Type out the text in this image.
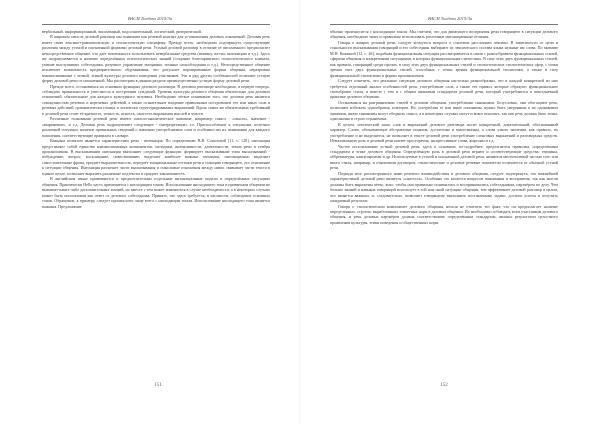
ВАСИ Тилдэзи 2015/3a

вербальный, информационный, письменный, подсознательный, логический, риторический.

В широком смысле деловой разговор мы понимаем как речевой контакт для установления деловых отношений. Деловая речь имеет свою лексико-грамматическую и стилистическую специфику. Прежде всего, необходимо подчеркнуть существующие различия между устной и письменной формами деловой речи. Устный деловой разговор в отличие от письменного предполагает непосредственное общение, что дает возможность использовать невербальные средства (мимику, жесты, интонацию и т.д.). Здесь же подразумевается и наличие определённых психологических знаний (создание благоприятного психологического климата, умение выслушивать собеседника, разумное управление эмоциями, техника самообладания и т.д.). Непосредственное общение исключает возможность предварительного обдумывания, что допускает нормированные формы общения, неразрывно взаимосвязанные с этикой, этикой культуры делового поведения участников. Эти и ряд других особенностей отличают устную форму деловой речи от письменной. Мы рассмотрим в данном разделе преимущественно устную форму деловой речи.

Прежде всего, остановимся на основных функциях делового разговора. В деловом разговоре необходимо, в первую очередь, соблюдать правильность и уместность в построении суждений. Уровень культуры делового общения обязательно для деловых отношений, обязательные для каждого культурного человека. Необходимо чёткое понимание того, что деловая речь является совокупностью речевых и неречевых действий, а также сознательное владение правильным построением тех или иных слов и речевых действий, грамматически точных и логически структурированных выражений. Вдоль самих же обязательных требований к деловой речи стоит её краткость, точность, ясность, сжатость выражения мыслей и чувств.

Различные толкования деловой речи имеют смысло-аналитическое значение, например: смысл - «мысль», значение - «выражение», и т.д. Деловая речь подразумевает следующее - интерпретацию, т.е. Приспособление к ситуациям, полезное различной ситуации, наличие правильных сведений о значении употребляемых слов и особенностях их понимания для каждого поколения, соответствующие правилам в словаре.

Важным аспектом является характеристика речи - интонация. По определению В.В. Соколовой [11, с. 128], интонация представляет собой единство взаимосвязанных компонентов: мелодики, интенсивности, длительности, темпа речи и тембра произношения. В высказывании интонация выполняет следующие функции: формирует высказывание типа высказываний - побуждение, вопрос, восклицание, повествование; выделяет наиболее важные элементы, интонационно выделяет самостоятельные фразы, придаёт выразительность, передаёт эмоциональные оттенки речи и позицию говорящего, его отношение к ситуации общения. Интонация различает части высказывания и смысловые отношения между ними, связывает части текста в единое целое, позволяет выразить различные подтексты и придает законченность.

В английском языке применяются и предпочтительны отдельные интонационные модели в определённых ситуациях общения. Практически Hello часто применяется с нисходящим тоном. Использование нисходящего тона в привычном общении не вызывает каких-либо дополнительных эмоций, но вместе с тем может изменяться в случае необходимости, а в некоторых случаях может быть использован как ответ от делового собеседника. Принято, что здесь требуется, в частности, соблюдение основных тонов. Обращение, к примеру, следует произносить чаще всего с нисходящим тоном. Использование нисходящего тона является важным. Предложение

151
ВАСИ Тилдэзи 2015/3a

обычно произносится с нисходящим тоном. Мы считаем, что для движущего восприятия речи говорящего в ситуации делового общения, необходимо знать и правильно использовать различные интонационные отличия.

Говоря о жанрах деловой речи, следует коснуться вопроса о стилевом расслоении лексики. В зависимости от цели и тональности высказывания говорящий и его собеседник выбирают из лексического состава языка нужные им слова. По мнению М.Н. Кожиной [12, с. 26], подобная функциональная ситуация рассматривается в связи с разнообразием функциональных стилей, сферами общения и конкретными ситуациями, в которых функциональная стилистика. В силу этих двух функциональных стилей, как правило, говорящий среди прочих, в силу этих двух функциональных стилей и стилистических стилистических сфер, с точки зрения этих двух функциональных стилей, способных с точки зрения функциональной стилистики, а также в силу функциональной стилистики и формы произношения.

Следует отметить, что реальные ситуации делового общения настолько разнообразны, что в каждой конкретной из них требуется отдельный анализ особенностей речи, употребление слов, а также тех правил, которые образуют функциональное своеобразие стиля, и вместе с тем и с общим языковым стандартом деловой речи, который употребляется в повседневной практике делового общения.

Остановимся на разграничении стилей в деловом общении, употреблении синонимов. Безусловно, они обогащают речь, позволяют избежать однообразия, повторов. Но, употребляя те или иные синонимы, нужно быть уверенным в их одинаковом значении, иначе синонимы могут обеднить смысл, а в некоторых случаях могут и вовсе исказить, так как речь должна быть точна, однозначна и строго ограничена.

В целом, лексический запас слов и выражений делового разговора носит конкретный, доказательный, обоснованный характер. Слова, обозначающие абстрактные понятия, достаточно и многозначны, а слова узкого значения, как правило, их употребление и не выделяется, не позволяет в тексте деловой речи употребление сленговых выражений и разговорных средств. Немаловажную роль в деловой речи имеют просторечия, экспрессивные слова, жаргоны и т.д.

Частое использование устной деловой речи, здесь в основном, по-подробнее, предлагаются правилам, определённым стандартам и этике делового общения. Определённую роль в деловой речи играют и соответствующие средства: термины, аббревиатуры, канцеляризмы и др. Используемые в устной и письменной деловой речи, являются неотъемлемой частью того или иного стиля, например, в отношении договоров, стилистические и деловые речевые показатели отличаются от обычной устной речи.

Подводя итог рассмотренного нами речевого взаимодействия и делового общения, следует подчеркнуть, что важнейшей характеристикой деловой речи является «сжатость». Особенно это касается вопросов понимания и восприятия, так как мысли должны быть выражены чётко, ясно, чтобы они правильно понимались и воспринимались собеседником, партнёром по делу. Чем больше знаний и навыков говорящий использует в той или иной ситуации общения, тем эффективнее деловой разговор в целом, что является важным, и, следовательно, позволяет говорящему выполнить поставленные задачи, достичь успеха и получить ожидаемый результат.

Говоря о стилистическом компоненте делового общения, нельзя не отметить тот факт, что он предполагает наличие определённых, строгих, выработанных этикетных норм в деловом общении. Их необходимо соблюдать всем участникам делового общения, и речь деловых партнёров должна соответствовать определённым стандартам, являясь результатом целостного проявления культуры, этики поведения и общественных норм.

152
